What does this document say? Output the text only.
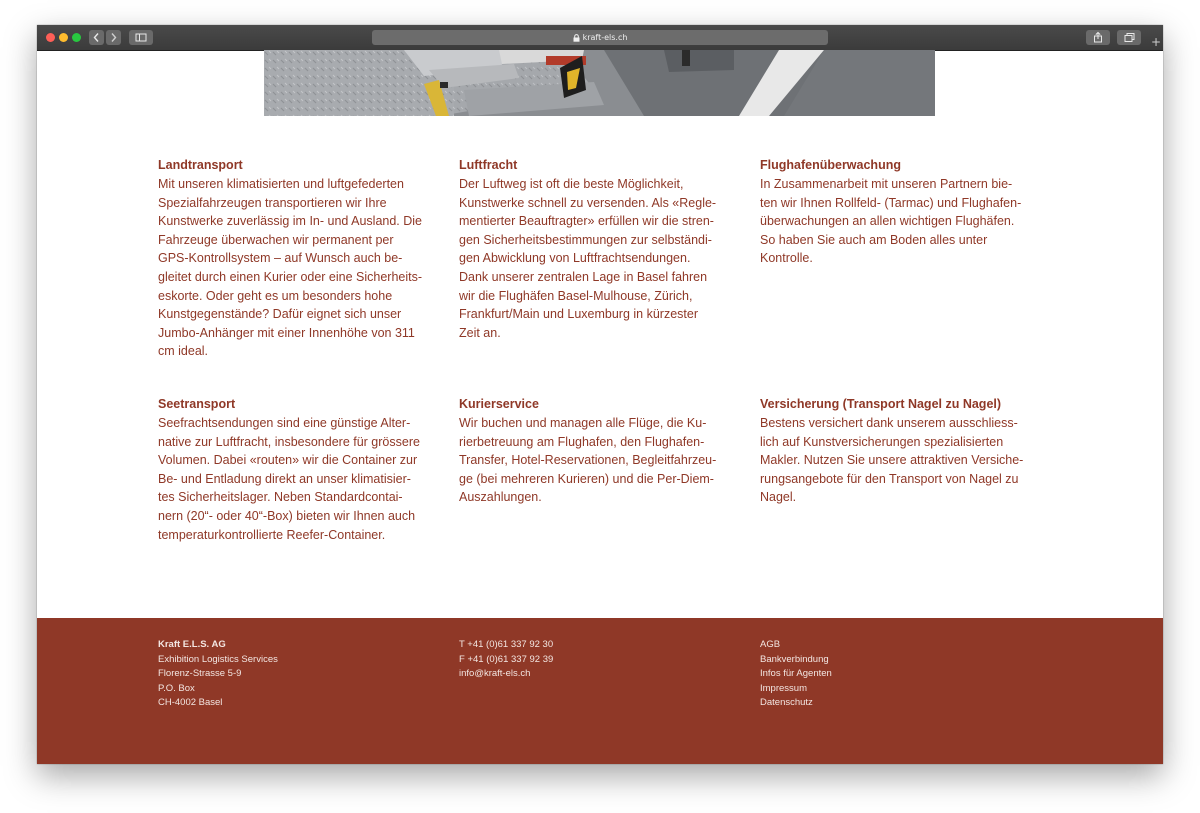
kraft-els.ch	+
Landtransport

Mit unseren klimatisierten und luftgefederten
Spezialfahrzeugen transportieren wir Ihre
Kunstwerke zuverlässig im In- und Ausland. Die
Fahrzeuge überwachen wir permanent per
GPS-Kontrollsystem – auf Wunsch auch be-
gleitet durch einen Kurier oder eine Sicherheits-
eskorte. Oder geht es um besonders hohe
Kunstgegenstände? Dafür eignet sich unser
Jumbo-Anhänger mit einer Innenhöhe von 311
cm ideal.

Luftfracht

Der Luftweg ist oft die beste Möglichkeit,
Kunstwerke schnell zu versenden. Als «Regle-
mentierter Beauftragter» erfüllen wir die stren-
gen Sicherheitsbestimmungen zur selbständi-
gen Abwicklung von Luftfrachtsendungen.
Dank unserer zentralen Lage in Basel fahren
wir die Flughäfen Basel-Mulhouse, Zürich,
Frankfurt/Main und Luxemburg in kürzester
Zeit an.

Flughafenüberwachung

In Zusammenarbeit mit unseren Partnern bie-
ten wir Ihnen Rollfeld- (Tarmac) und Flughafen-
überwachungen an allen wichtigen Flughäfen.
So haben Sie auch am Boden alles unter
Kontrolle.

Seetransport

Seefrachtsendungen sind eine günstige Alter-
native zur Luftfracht, insbesondere für grössere
Volumen. Dabei «routen» wir die Container zur
Be- und Entladung direkt an unser klimatisier-
tes Sicherheitslager. Neben Standardcontai-
nern (20“- oder 40“-Box) bieten wir Ihnen auch
temperaturkontrollierte Reefer-Container.

Kurierservice

Wir buchen und managen alle Flüge, die Ku-
rierbetreuung am Flughafen, den Flughafen-
Transfer, Hotel-Reservationen, Begleitfahrzeu-
ge (bei mehreren Kurieren) und die Per-Diem-
Auszahlungen.

Versicherung (Transport Nagel zu Nagel)

Bestens versichert dank unserem ausschliess-
lich auf Kunstversicherungen spezialisierten
Makler. Nutzen Sie unsere attraktiven Versiche-
rungsangebote für den Transport von Nagel zu
Nagel.

Kraft E.L.S. AG
Exhibition Logistics Services
Florenz-Strasse 5-9
P.O. Box
CH-4002 Basel
T +41 (0)61 337 92 30
F +41 (0)61 337 92 39
info@kraft-els.ch
AGB
Bankverbindung
Infos für Agenten
Impressum
Datenschutz
